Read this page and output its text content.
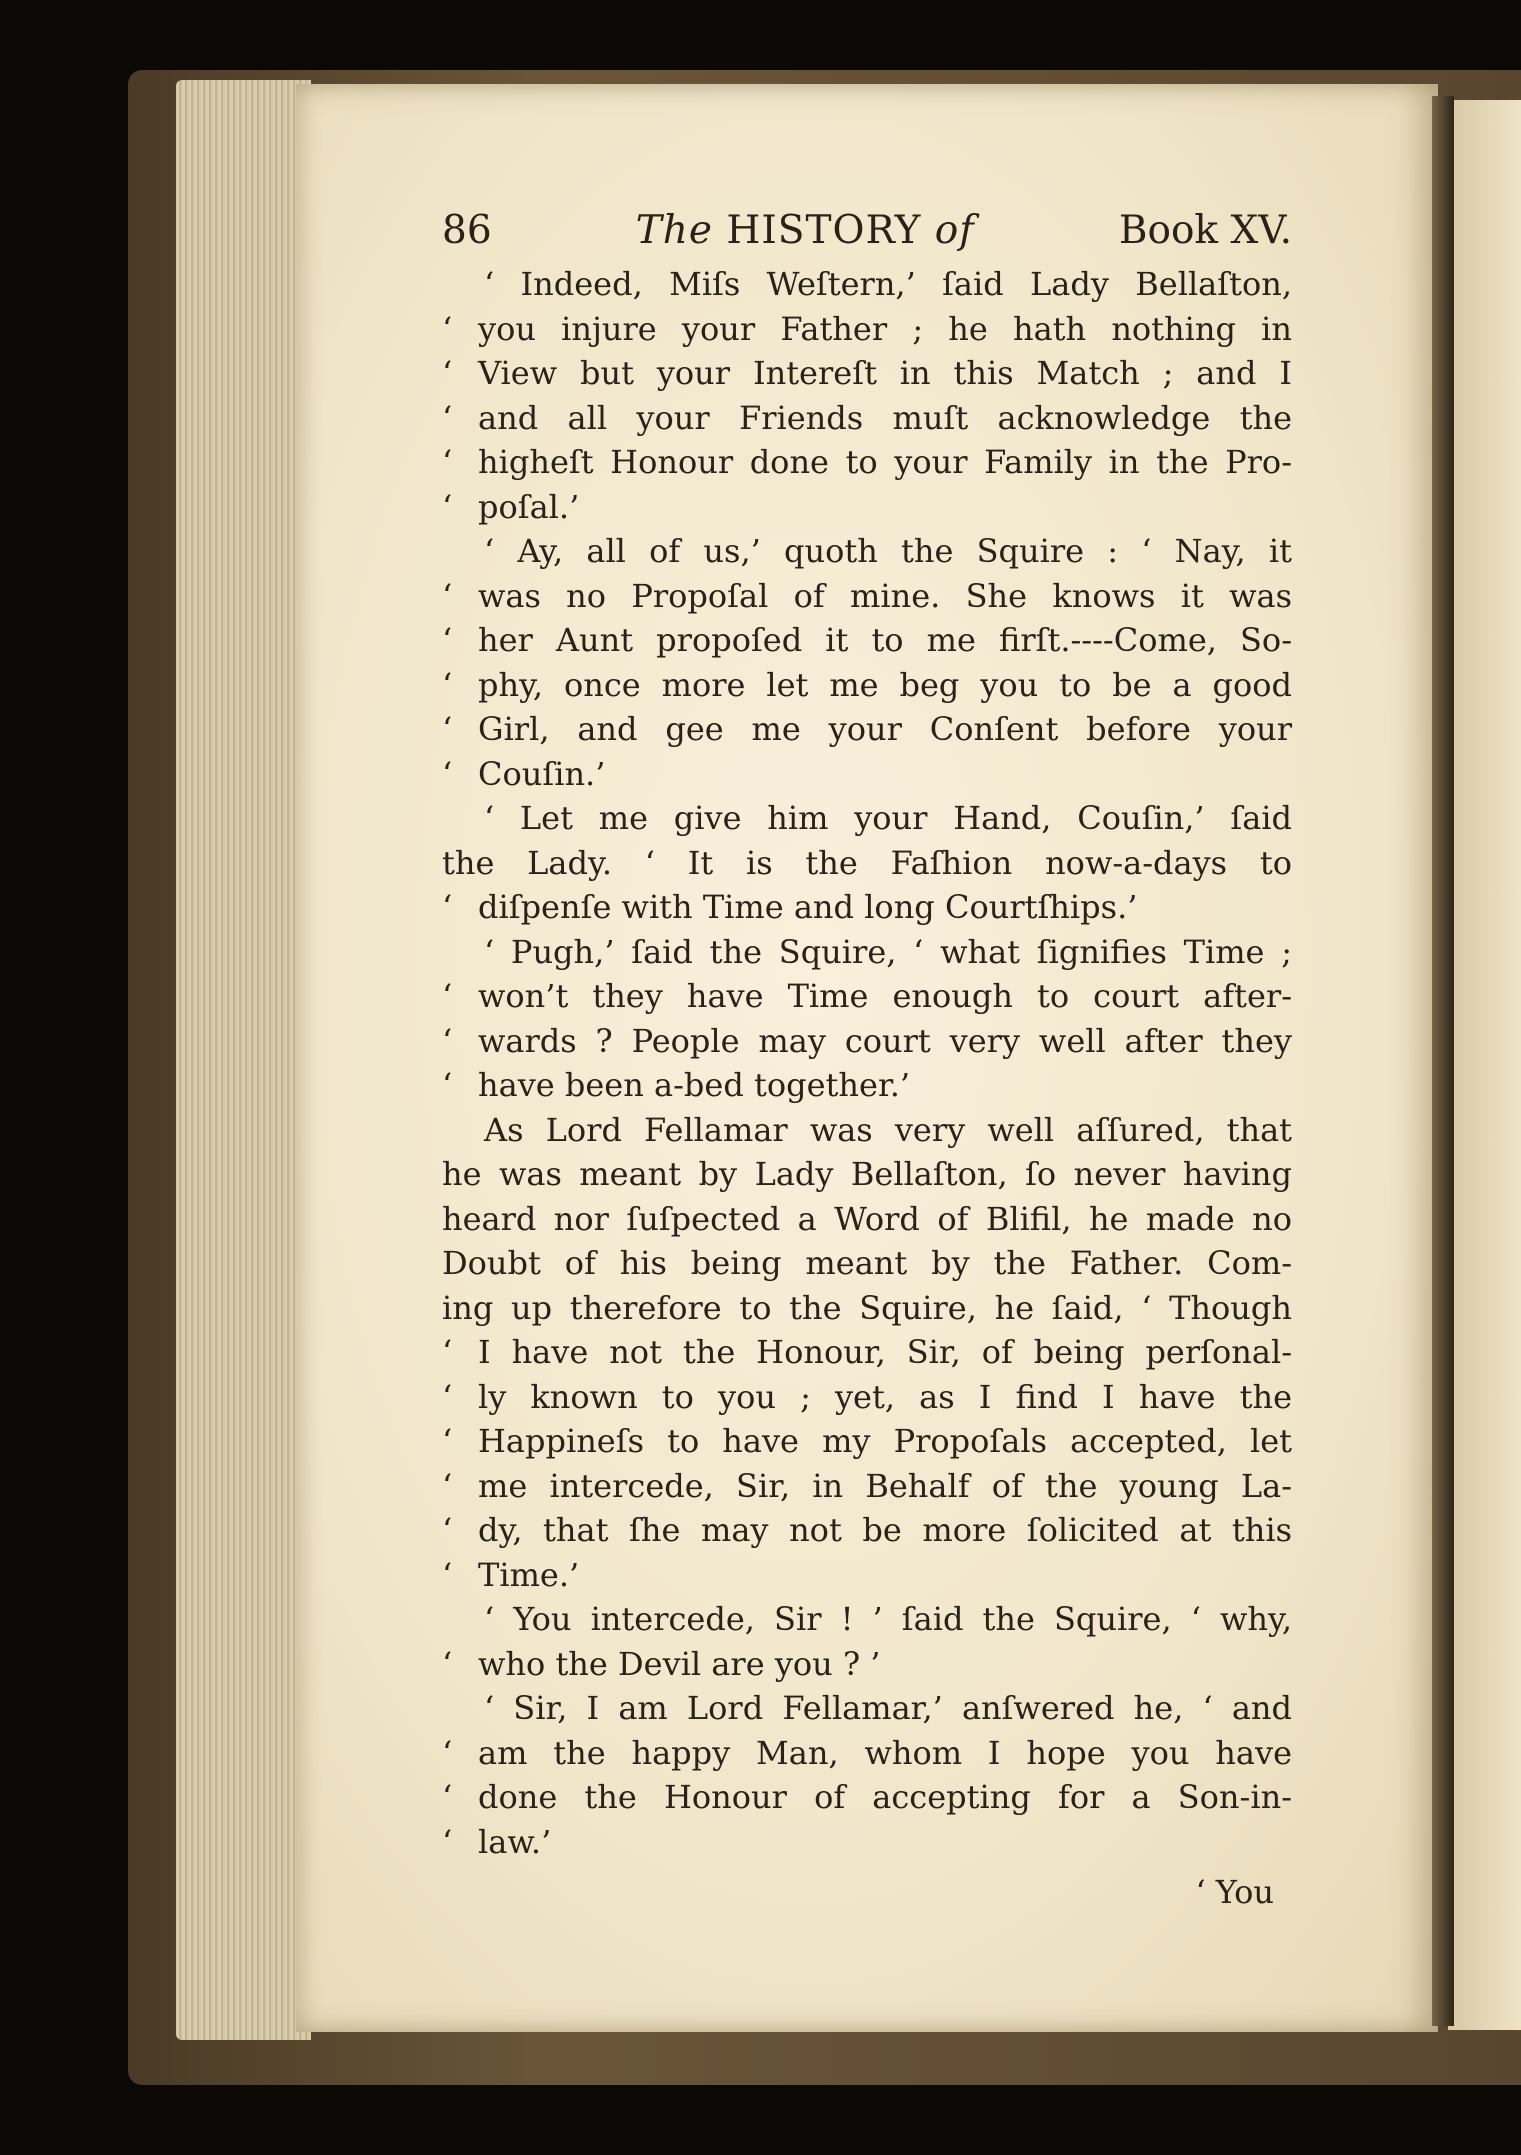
86	The HISTORY of	Book XV.
‘ Indeed, Miſs Weſtern,’ ſaid Lady Bellaſton,
‘ you injure your Father ; he hath nothing in
‘ View but your Intereſt in this Match ; and I
‘ and all your Friends muſt acknowledge the
‘ higheſt Honour done to your Family in the Pro-
‘ poſal.’
‘ Ay, all of us,’ quoth the Squire : ‘ Nay, it
‘ was no Propoſal of mine. She knows it was
‘ her Aunt propoſed it to me firſt.----Come, So-
‘ phy, once more let me beg you to be a good
‘ Girl, and gee me your Conſent before your
‘ Couſin.’
‘ Let me give him your Hand, Couſin,’ ſaid
the Lady. ‘ It is the Faſhion now-a-days to
‘ diſpenſe with Time and long Courtſhips.’
‘ Pugh,’ ſaid the Squire, ‘ what ſignifies Time ;
‘ won’t they have Time enough to court after-
‘ wards ? People may court very well after they
‘ have been a-bed together.’
As Lord Fellamar was very well aſſured, that
he was meant by Lady Bellaſton, ſo never having
heard nor ſuſpected a Word of Blifil, he made no
Doubt of his being meant by the Father. Com-
ing up therefore to the Squire, he ſaid, ‘ Though
‘ I have not the Honour, Sir, of being perſonal-
‘ ly known to you ; yet, as I find I have the
‘ Happineſs to have my Propoſals accepted, let
‘ me intercede, Sir, in Behalf of the young La-
‘ dy, that ſhe may not be more ſolicited at this
‘ Time.’
‘ You intercede, Sir ! ’ ſaid the Squire, ‘ why,
‘ who the Devil are you ? ’
‘ Sir, I am Lord Fellamar,’ anſwered he, ‘ and
‘ am the happy Man, whom I hope you have
‘ done the Honour of accepting for a Son-in-
‘ law.’
‘ You
